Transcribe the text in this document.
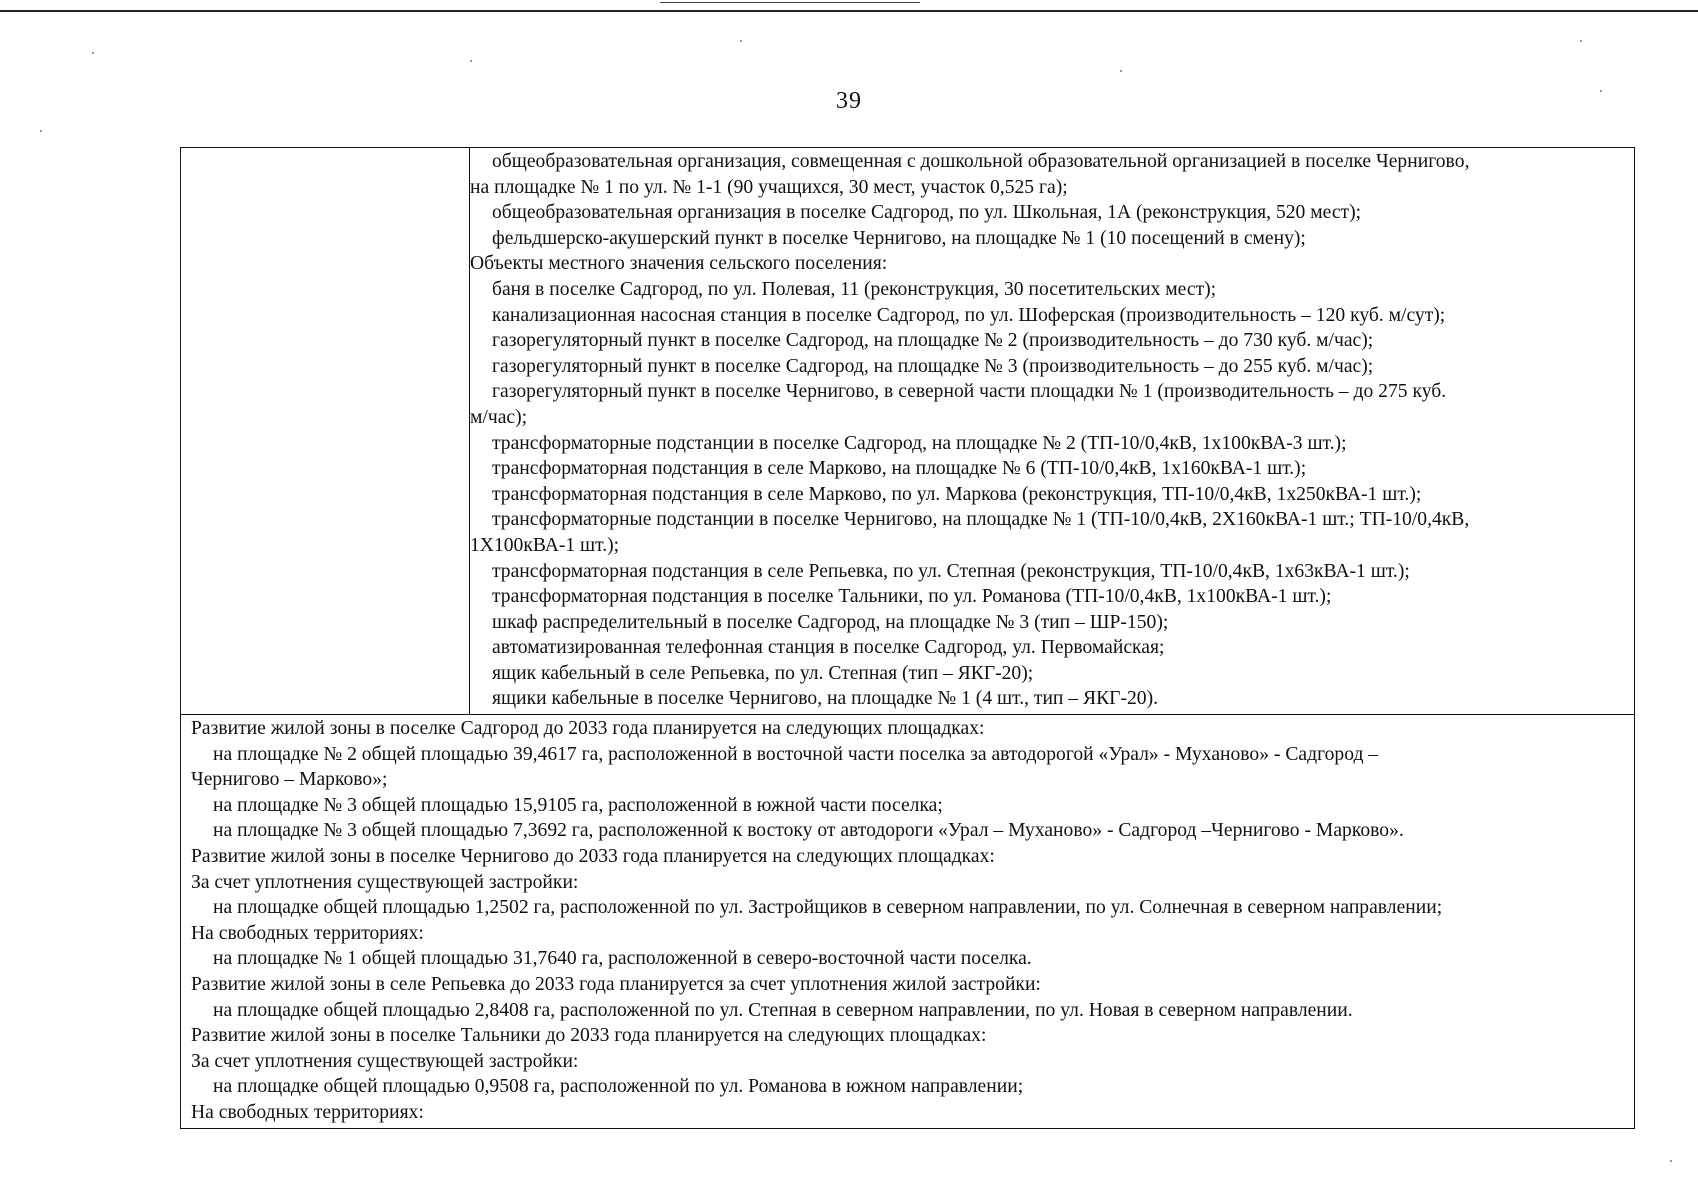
39
общеобразовательная организация, совмещенная с дошкольной образовательной организацией в поселке Черниговo,
на площадке № 1 по ул. № 1-1 (90 учащихся, 30 мест, участок 0,525 га);
общеобразовательная организация в поселке Садгород, по ул. Школьная, 1А (реконструкция, 520 мест);
фельдшерско-акушерский пункт в поселке Чернигово, на площадке № 1 (10 посещений в смену);
Объекты местного значения сельского поселения:
баня в поселке Садгород, по ул. Полевая, 11 (реконструкция, 30 посетительских мест);
канализационная насосная станция в поселке Садгород, по ул. Шоферская (производительность – 120 куб. м/сут);
газорегуляторный пункт в поселке Садгород, на площадке № 2 (производительность – до 730 куб. м/час);
газорегуляторный пункт в поселке Садгород, на площадке № 3 (производительность – до 255 куб. м/час);
газорегуляторный пункт в поселке Чернигово, в северной части площадки № 1 (производительность – до 275 куб.
м/час);
трансформаторные подстанции в поселке Садгород, на площадке № 2 (ТП-10/0,4кВ, 1х100кВА-3 шт.);
трансформаторная подстанция в селе Марково, на площадке № 6 (ТП-10/0,4кВ, 1х160кВА-1 шт.);
трансформаторная подстанция в селе Марково, по ул. Маркова (реконструкция, ТП-10/0,4кВ, 1х250кВА-1 шт.);
трансформаторные подстанции в поселке Чернигово, на площадке № 1 (ТП-10/0,4кВ, 2Х160кВА-1 шт.; ТП-10/0,4кВ,
1Х100кВА-1 шт.);
трансформаторная подстанция в селе Репьевка, по ул. Степная (реконструкция, ТП-10/0,4кВ, 1х63кВА-1 шт.);
трансформаторная подстанция в поселке Тальники, по ул. Романова (ТП-10/0,4кВ, 1х100кВА-1 шт.);
шкаф распределительный в поселке Садгород, на площадке № 3 (тип – ШР-150);
автоматизированная телефонная станция в поселке Садгород, ул. Первомайская;
ящик кабельный в селе Репьевка, по ул. Степная (тип – ЯКГ-20);
ящики кабельные в поселке Чернигово, на площадке № 1 (4 шт., тип – ЯКГ-20).
Развитие жилой зоны в поселке Садгород до 2033 года планируется на следующих площадках:
на площадке № 2 общей площадью 39,4617 га, расположенной в восточной части поселка за автодорогой «Урал» - Муханово» - Садгород –
Чернигово – Марково»;
на площадке № 3 общей площадью 15,9105 га, расположенной в южной части поселка;
на площадке № 3 общей площадью 7,3692 га, расположенной к востоку от автодороги «Урал – Муханово» - Садгород –Чернигово - Марково».
Развитие жилой зоны в поселке Чернигово до 2033 года планируется на следующих площадках:
За счет уплотнения существующей застройки:
на площадке общей площадью 1,2502 га, расположенной по ул. Застройщиков в северном направлении, по ул. Солнечная в северном направлении;
На свободных территориях:
на площадке № 1 общей площадью 31,7640 га, расположенной в северо-восточной части поселка.
Развитие жилой зоны в селе Репьевка до 2033 года планируется за счет уплотнения жилой застройки:
на площадке общей площадью 2,8408 га, расположенной по ул. Степная в северном направлении, по ул. Новая в северном направлении.
Развитие жилой зоны в поселке Тальники до 2033 года планируется на следующих площадках:
За счет уплотнения существующей застройки:
на площадке общей площадью 0,9508 га, расположенной по ул. Романова в южном направлении;
На свободных территориях:
